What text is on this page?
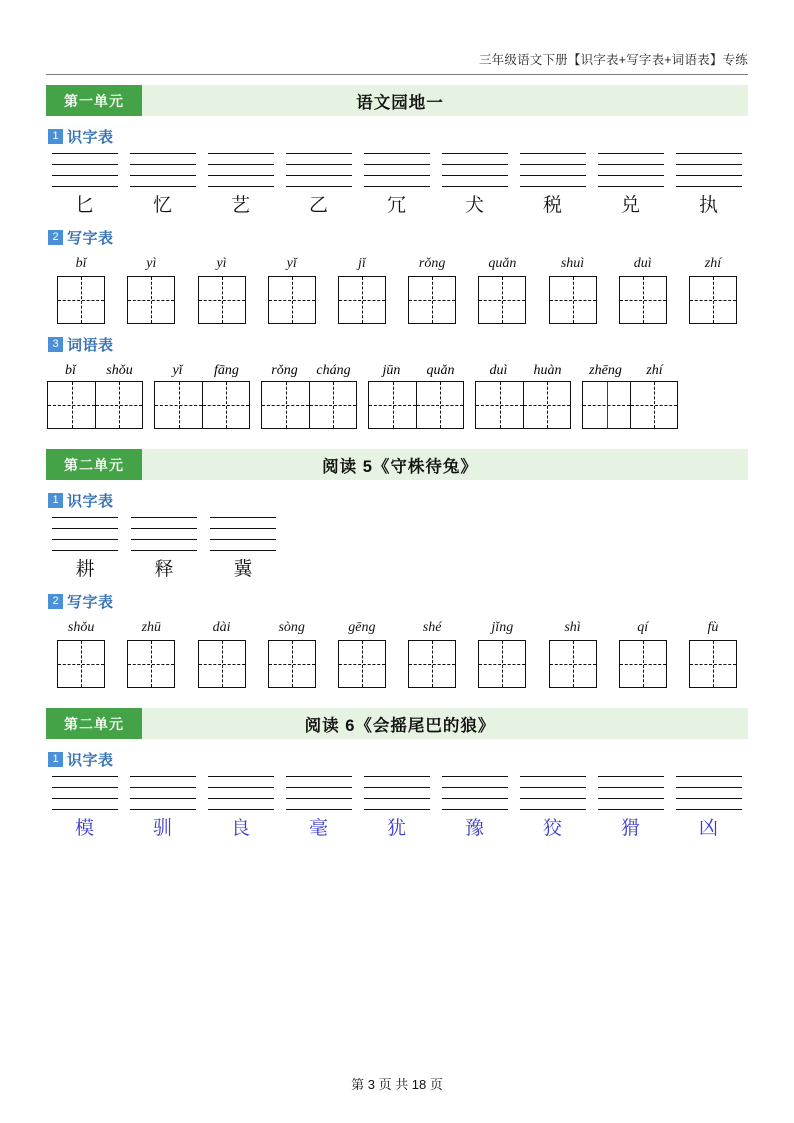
三年级语文下册【识字表+写字表+词语表】专练
第一单元	语文园地一
1 识字表
匕	忆	艺	乙	冗	犬	税	兑	执
2 写字表
bǐ	yì	yì	yǐ	jǐ	rǒng	quǎn	shuì	duì	zhí
3 词语表
bǐ	shǒu	yǐ	fāng	rǒng	cháng	jūn	quǎn	duì	huàn	zhēng	zhí
第二单元	阅读 5《守株待兔》
1 识字表
耕	释	冀
2 写字表
shǒu	zhū	dài	sòng	gēng	shé	jǐng	shì	qí	fù
第二单元	阅读 6《会摇尾巴的狼》
1 识字表
模	驯	良	毫	犹	豫	狡	猾	凶
第 3 页 共 18 页
